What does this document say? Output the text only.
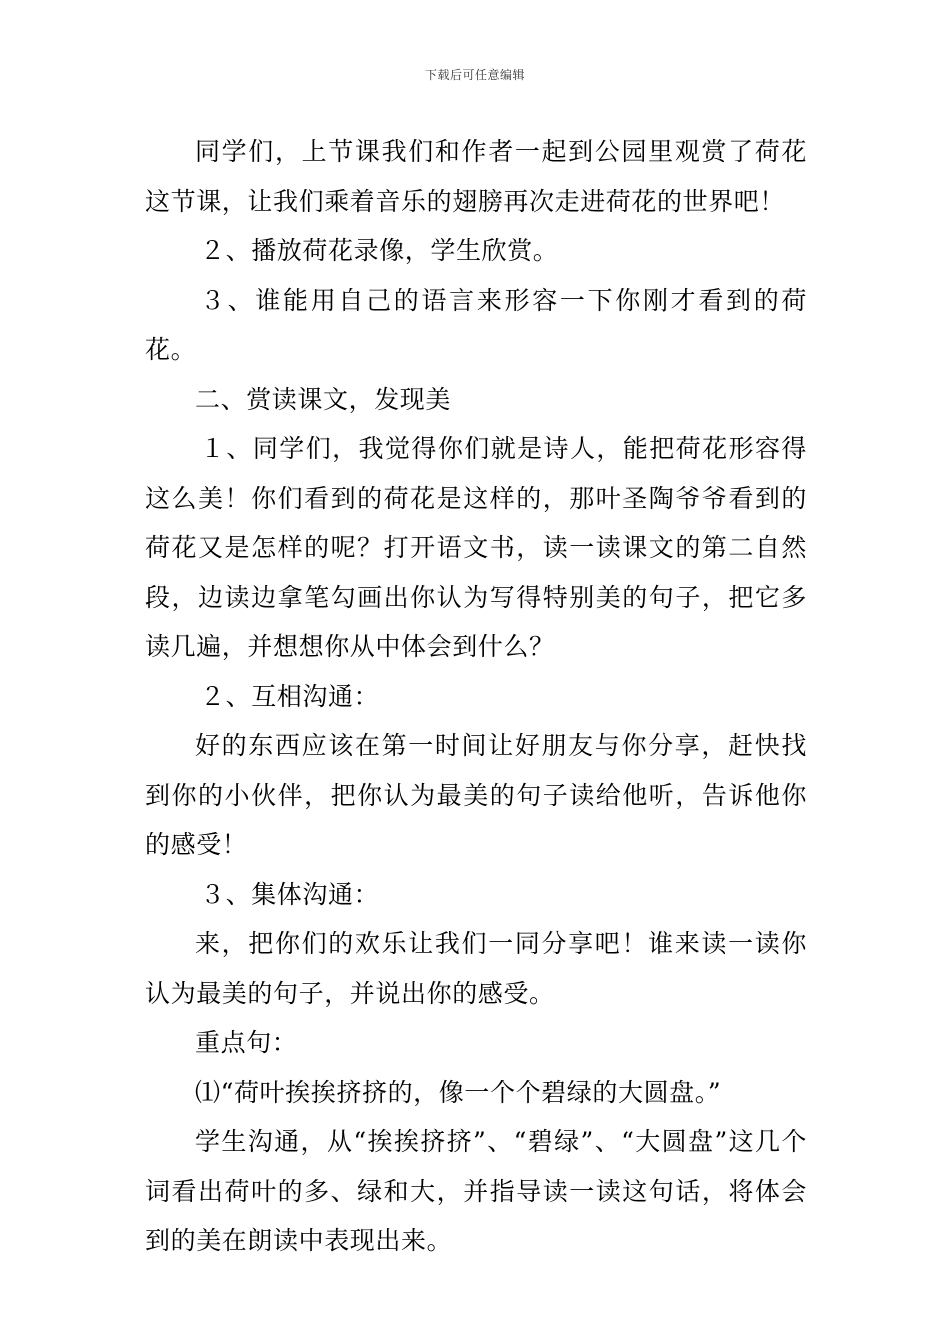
下载后可任意编辑

同学们，上节课我们和作者一起到公园里观赏了荷花这节课，让我们乘着音乐的翅膀再次走进荷花的世界吧！

２、播放荷花录像，学生欣赏。

３、谁能用自己的语言来形容一下你刚才看到的荷花。

二、赏读课文，发现美

１、同学们，我觉得你们就是诗人，能把荷花形容得这么美！你们看到的荷花是这样的，那叶圣陶爷爷看到的荷花又是怎样的呢？打开语文书，读一读课文的第二自然段，边读边拿笔勾画出你认为写得特别美的句子，把它多读几遍，并想想你从中体会到什么？

２、互相沟通：

好的东西应该在第一时间让好朋友与你分享，赶快找到你的小伙伴，把你认为最美的句子读给他听，告诉他你的感受！

３、集体沟通：

来，把你们的欢乐让我们一同分享吧！谁来读一读你认为最美的句子，并说出你的感受。

重点句：

⑴“荷叶挨挨挤挤的，像一个个碧绿的大圆盘。”

学生沟通，从“挨挨挤挤”、“碧绿”、“大圆盘”这几个词看出荷叶的多、绿和大，并指导读一读这句话，将体会到的美在朗读中表现出来。
